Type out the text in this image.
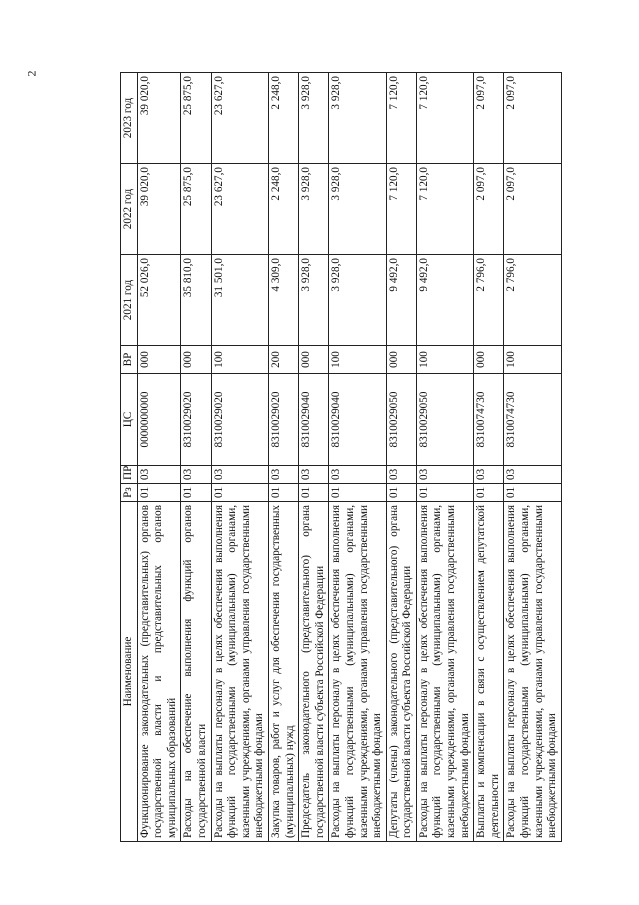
2
Наименование	Рз	ПР	ЦС	ВР	2021 год	2022 год	2023 год
Функционирование законодательных (представительных) органов государственной власти и представительных органов муниципальных образований	01	03	0000000000	000	52 026,0	39 020,0	39 020,0
Расходы на обеспечение выполнения функций органов государственной власти	01	03	8310029020	000	35 810,0	25 875,0	25 875,0
Расходы на выплаты персоналу в целях обеспечения выполнения функций государственными (муниципальными) органами, казенными учреждениями, органами управления государственными внебюджетными фондами	01	03	8310029020	100	31 501,0	23 627,0	23 627,0
Закупка товаров, работ и услуг для обеспечения государственных (муниципальных) нужд	01	03	8310029020	200	4 309,0	2 248,0	2 248,0
Председатель законодательного (представительного) органа государственной власти субъекта Российской Федерации	01	03	8310029040	000	3 928,0	3 928,0	3 928,0
Расходы на выплаты персоналу в целях обеспечения выполнения функций государственными (муниципальными) органами, казенными учреждениями, органами управления государственными внебюджетными фондами	01	03	8310029040	100	3 928,0	3 928,0	3 928,0
Депутаты (члены) законодательного (представительного) органа государственной власти субъекта Российской Федерации	01	03	8310029050	000	9 492,0	7 120,0	7 120,0
Расходы на выплаты персоналу в целях обеспечения выполнения функций государственными (муниципальными) органами, казенными учреждениями, органами управления государственными внебюджетными фондами	01	03	8310029050	100	9 492,0	7 120,0	7 120,0
Выплаты и компенсации в связи с осуществлением депутатской деятельности	01	03	8310074730	000	2 796,0	2 097,0	2 097,0
Расходы на выплаты персоналу в целях обеспечения выполнения функций государственными (муниципальными) органами, казенными учреждениями, органами управления государственными внебюджетными фондами	01	03	8310074730	100	2 796,0	2 097,0	2 097,0
